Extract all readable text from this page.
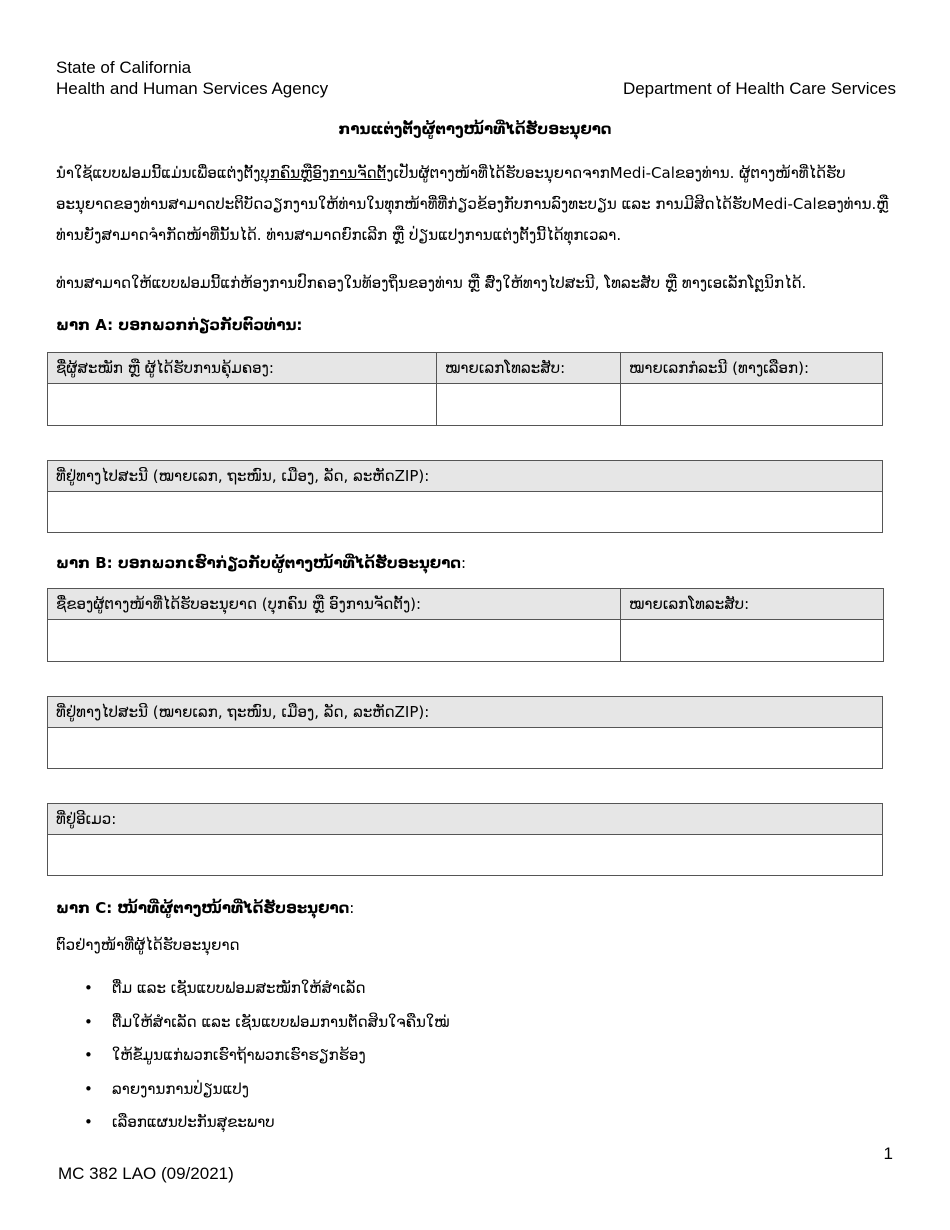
State of California
Health and Human Services Agency	Department of Health Care Services
ການແຕ່ງຕັ້ງຜູ້ຕາງໜ້າທີ່ໄດ້ຮັບອະນຸຍາດ
ນຳໃຊ້ແບບຟອມນີ້ແມ່ນເພື່ອແຕ່ງຕັ້ງບຸກຄົນຫຼືອົງການຈັດຕັ້ງເປັນຜູ້ຕາງໜ້າທີ່ໄດ້ຮັບອະນຸຍາດຈາກMedi-Calຂອງທ່ານ. ຜູ້ຕາງໜ້າທີ່ໄດ້ຮັບອະນຸຍາດຂອງທ່ານສາມາດປະຕິບັດວຽກງານໃຫ້ທ່ານໃນທຸກໜ້າທີ່ທີ່ກ່ຽວຂ້ອງກັບການລົງທະບຽນ ແລະ ການມີສິດໄດ້ຮັບMedi-Calຂອງທ່ານ.ຫຼື ທ່ານຍັງສາມາດຈຳກັດໜ້າທີ່ນັ້ນໄດ້. ທ່ານສາມາດຍົກເລີກ ຫຼື ປ່ຽນແປງການແຕ່ງຕັ້ງນີ້ໄດ້ທຸກເວລາ.
ທ່ານສາມາດໃຫ້ແບບຟອມນີ້ແກ່ຫ້ອງການປົກຄອງໃນທ້ອງຖິ່ນຂອງທ່ານ ຫຼື ສົ່ງໃຫ້ທາງໄປສະນີ, ໂທລະສັບ ຫຼື ທາງເອເລັກໂຕຼນິກໄດ້.
ພາກ A: ບອກພວກກ່ຽວກັບຕົວທ່ານ:
ຊື່ຜູ້ສະໝັກ ຫຼື ຜູ້ໄດ້ຮັບການຄຸ້ມຄອງ:	ໝາຍເລກໂທລະສັບ:	ໝາຍເລກກໍລະນີ (ທາງເລືອກ):

ທີ່ຢູ່ທາງໄປສະນີ (ໝາຍເລກ, ຖະໜົນ, ເມືອງ, ລັດ, ລະຫັດZIP):

ພາກ B: ບອກພວກເຮົາກ່ຽວກັບຜູ້ຕາງໜ້າທີ່ໄດ້ຮັບອະນຸຍາດ:
ຊື່ຂອງຜູ້ຕາງໜ້າທີ່ໄດ້ຮັບອະນຸຍາດ (ບຸກຄົນ ຫຼື ອົງການຈັດຕັ້ງ):	ໝາຍເລກໂທລະສັບ:

ທີ່ຢູ່ທາງໄປສະນີ (ໝາຍເລກ, ຖະໜົນ, ເມືອງ, ລັດ, ລະຫັດZIP):

ທີ່ຢູ່ອີເມວ:

ພາກ C: ໜ້າທີ່ຜູ້ຕາງໜ້າທີ່ໄດ້ຮັບອະນຸຍາດ:
ຕົວຢ່າງໜ້າທີ່ຜູ້ໄດ້ຮັບອະນຸຍາດ
• ຕື່ມ ແລະ ເຊັນແບບຟອມສະໝັກໃຫ້ສຳເລັດ
• ຕື່ມໃຫ້ສຳເລັດ ແລະ ເຊັນແບບຟອມການຕັດສິນໃຈຄືນໃໝ່
• ໃຫ້ຂໍ້ມູນແກ່ພວກເຮົາຖ້າພວກເຮົາຮຽກຮ້ອງ
• ລາຍງານການປ່ຽນແປງ
• ເລືອກແຜນປະກັນສຸຂະພາບ
1
MC 382 LAO (09/2021)
